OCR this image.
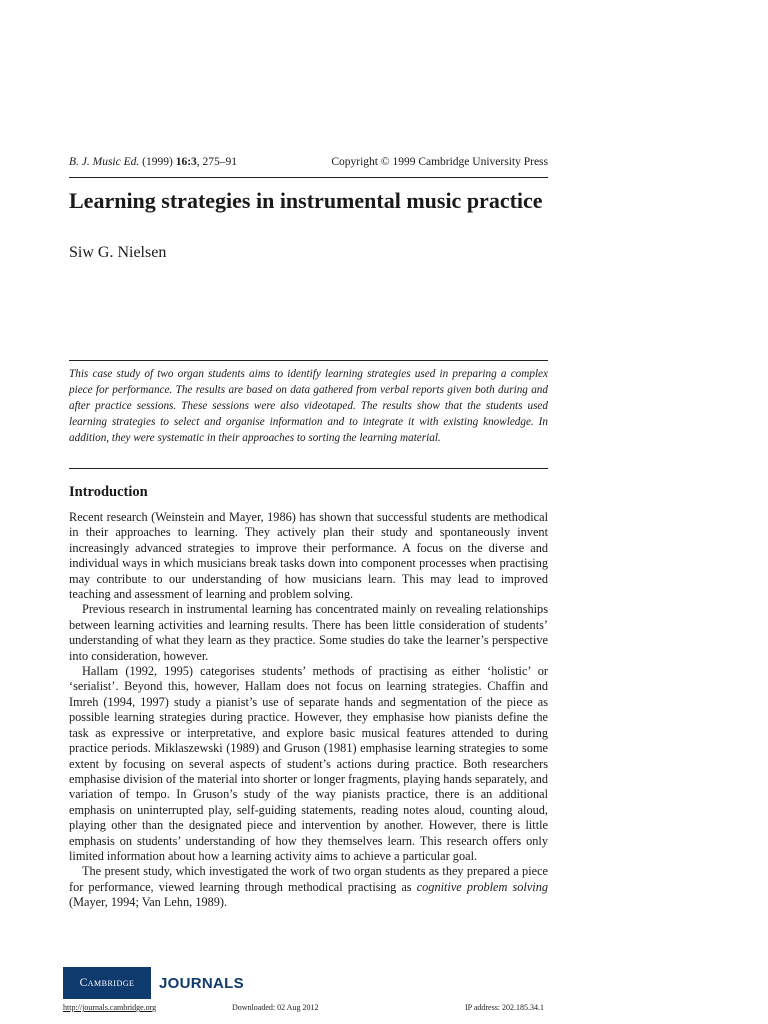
B. J. Music Ed. (1999) 16:3, 275–91	Copyright © 1999 Cambridge University Press
Learning strategies in instrumental music practice
Siw G. Nielsen

This case study of two organ students aims to identify learning strategies used in preparing a complex piece for performance. The results are based on data gathered from verbal reports given both during and after practice sessions. These sessions were also videotaped. The results show that the students used learning strategies to select and organise information and to integrate it with existing knowledge. In addition, they were systematic in their approaches to sorting the learning material.

Introduction

Recent research (Weinstein and Mayer, 1986) has shown that successful students are methodical in their approaches to learning. They actively plan their study and spontaneously invent increasingly advanced strategies to improve their performance. A focus on the diverse and individual ways in which musicians break tasks down into component processes when practising may contribute to our understanding of how musicians learn. This may lead to improved teaching and assessment of learning and problem solving.

Previous research in instrumental learning has concentrated mainly on revealing relationships between learning activities and learning results. There has been little consideration of students’ understanding of what they learn as they practice. Some studies do take the learner’s perspective into consideration, however.

Hallam (1992, 1995) categorises students’ methods of practising as either ‘holistic’ or ‘serialist’. Beyond this, however, Hallam does not focus on learning strategies. Chaffin and Imreh (1994, 1997) study a pianist’s use of separate hands and segmentation of the piece as possible learning strategies during practice. However, they emphasise how pianists define the task as expressive or interpretative, and explore basic musical features attended to during practice periods. Miklaszewski (1989) and Gruson (1981) emphasise learning strategies to some extent by focusing on several aspects of student’s actions during practice. Both researchers emphasise division of the material into shorter or longer fragments, playing hands separately, and variation of tempo. In Gruson’s study of the way pianists practice, there is an additional emphasis on uninterrupted play, self-guiding statements, reading notes aloud, counting aloud, playing other than the designated piece and intervention by another. However, there is little emphasis on students’ understanding of how they themselves learn. This research offers only limited information about how a learning activity aims to achieve a particular goal.

The present study, which investigated the work of two organ students as they prepared a piece for performance, viewed learning through methodical practising as cognitive problem solving (Mayer, 1994; Van Lehn, 1989).

Cambridge	JOURNALS
http://journals.cambridge.org	Downloaded: 02 Aug 2012	IP address: 202.185.34.1
